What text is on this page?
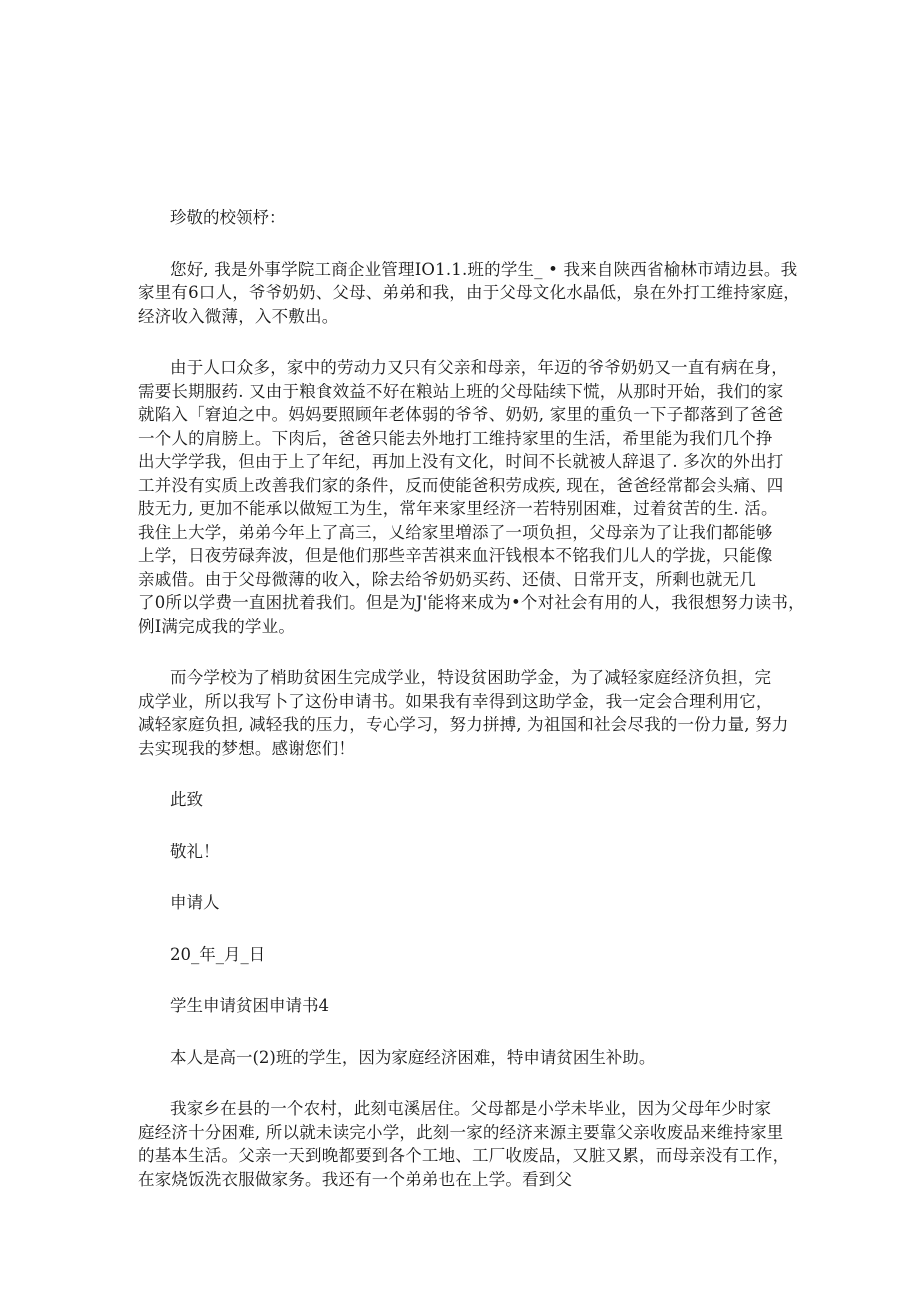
珍敬的校领杼：

您好, 我是外事学院工商企业管理IO1.1.班的学生_ • 我来自陕西省榆林市靖边县。我

家里有6口人，爷爷奶奶、父母、弟弟和我，由于父母文化水晶低，泉在外打工维持家庭，

经济收入微薄，入不敷出。

由于人口众多，家中的劳动力又只有父亲和母亲，年迈的爷爷奶奶又一直有病在身，

需要长期服药. 又由于粮食效益不好在粮站上班的父母陆续下慌，从那时开始，我们的家

就陷入「窘迫之中。妈妈要照顾年老体弱的爷爷、奶奶, 家里的重负一下子都落到了爸爸

一个人的肩膀上。下肉后，爸爸只能去外地打工维持家里的生活，希里能为我们几个挣

出大学学我，但由于上了年纪，再加上没有文化，时间不长就被人辞退了. 多次的外出打

工并没有实质上改善我们家的条件，反而使能爸积劳成疾, 现在，爸爸经常都会头痛、四

肢无力, 更加不能承以做短工为生，常年来家里经济一若特别困难，过着贫苦的生. 活。

我住上大学，弟弟今年上了高三，乂给家里増添了一项负担，父母亲为了让我们都能够

上学，日夜劳碌奔波，但是他们那些辛苦祺来血汗钱根本不铭我们儿人的学拢，只能像

亲戚借。由于父母微薄的收入，除去给爷奶奶买药、还债、日常开支，所剩也就无几

了0所以学费一直困扰着我们。但是为J'能将来成为•个对社会有用的人，我很想努力读书，

例I满完成我的学业。

而今学校为了梢助贫困生完成学业，特设贫困助学金，为了减轻家庭经济负担，完

成学业，所以我写卜了这份申请书。如果我有幸得到这助学金，我一定会合理利用它，

减轻家庭负担, 减轻我的压力，专心学习，努力拼搏, 为祖国和社会尽我的一份力量, 努力

去实现我的梦想。感谢您们！

此致

敬礼！

申请人

20_年_月_日

学生申请贫困申请书4

本人是高一(2)班的学生，因为家庭经济困难，特申请贫困生补助。

我家乡在县的一个农村，此刻屯溪居住。父母都是小学未毕业，因为父母年少时家

庭经济十分困难, 所以就未读完小学，此刻一家的经济来源主要靠父亲收废品来维持家里

的基本生活。父亲一天到晚都要到各个工地、工厂收废品，又脏又累，而母亲没有工作，

在家烧饭洗衣服做家务。我还有一个弟弟也在上学。看到父
